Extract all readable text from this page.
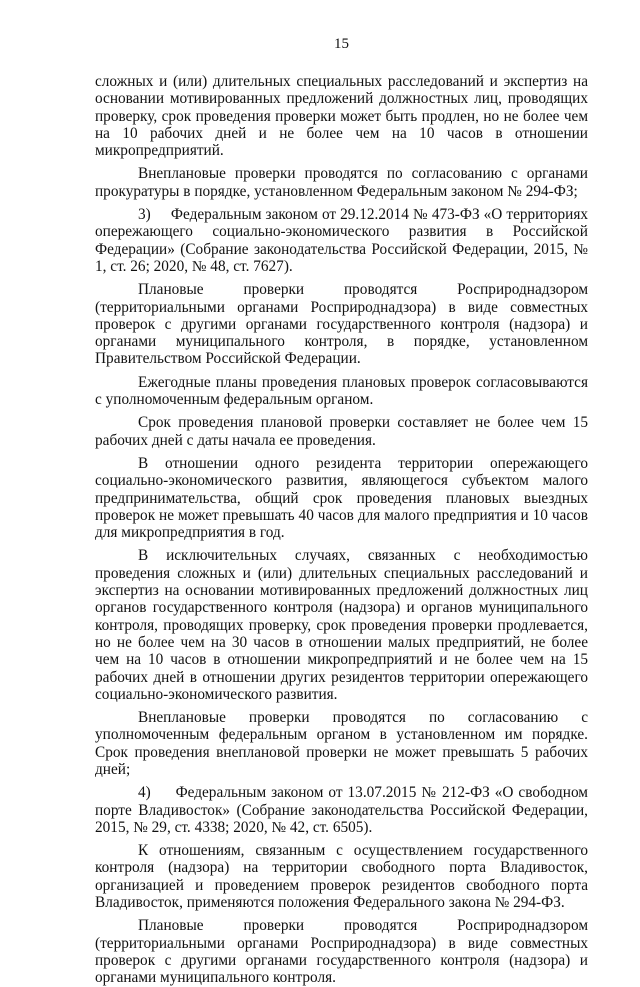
15

сложных и (или) длительных специальных расследований и экспертиз на основании мотивированных предложений должностных лиц, проводящих проверку, срок проведения проверки может быть продлен, но не более чем на 10 рабочих дней и не более чем на 10 часов в отношении микропредприятий.

Внеплановые проверки проводятся по согласованию с органами прокуратуры в порядке, установленном Федеральным законом № 294-ФЗ;

3)     Федеральным законом от 29.12.2014 № 473-ФЗ «О территориях опережающего социально-экономического развития в Российской Федерации» (Собрание законодательства Российской Федерации, 2015, № 1, ст. 26; 2020, № 48, ст. 7627).

Плановые проверки проводятся Росприроднадзором (территориальными органами Росприроднадзора) в виде совместных проверок с другими органами государственного контроля (надзора) и органами муниципального контроля, в порядке, установленном Правительством Российской Федерации.

Ежегодные планы проведения плановых проверок согласовываются с уполномоченным федеральным органом.

Срок проведения плановой проверки составляет не более чем 15 рабочих дней с даты начала ее проведения.

В отношении одного резидента территории опережающего социально-экономического развития, являющегося субъектом малого предпринимательства, общий срок проведения плановых выездных проверок не может превышать 40 часов для малого предприятия и 10 часов для микропредприятия в год.

В исключительных случаях, связанных с необходимостью проведения сложных и (или) длительных специальных расследований и экспертиз на основании мотивированных предложений должностных лиц органов государственного контроля (надзора) и органов муниципального контроля, проводящих проверку, срок проведения проверки продлевается, но не более чем на 30 часов в отношении малых предприятий, не более чем на 10 часов в отношении микропредприятий и не более чем на 15 рабочих дней в отношении других резидентов территории опережающего социально-экономического развития.

Внеплановые проверки проводятся по согласованию с уполномоченным федеральным органом в установленном им порядке. Срок проведения внеплановой проверки не может превышать 5 рабочих дней;

4)     Федеральным законом от 13.07.2015 № 212-ФЗ «О свободном порте Владивосток» (Собрание законодательства Российской Федерации, 2015, № 29, ст. 4338; 2020, № 42, ст. 6505).

К отношениям, связанным с осуществлением государственного контроля (надзора) на территории свободного порта Владивосток, организацией и проведением проверок резидентов свободного порта Владивосток, применяются положения Федерального закона № 294-ФЗ.

Плановые проверки проводятся Росприроднадзором (территориальными органами Росприроднадзора) в виде совместных проверок с другими органами государственного контроля (надзора) и органами муниципального контроля.
